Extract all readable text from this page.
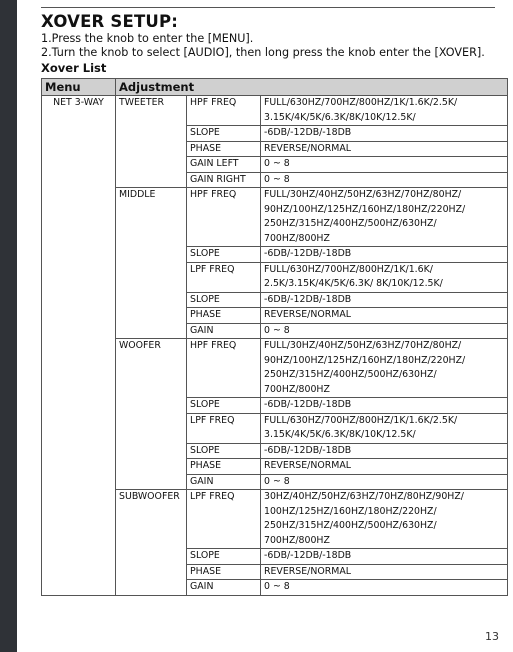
XOVER SETUP:
1.Press the knob to enter the [MENU].
2.Turn the knob to select [AUDIO], then long press the knob enter the [XOVER].
Xover List
Menu	Adjustment		
NET 3-WAY	TWEETER	HPF FREQ	FULL/630HZ/700HZ/800HZ/1K/1.6K/2.5K/ 3.15K/4K/5K/6.3K/8K/10K/12.5K/
		SLOPE	-6DB/-12DB/-18DB
		PHASE	REVERSE/NORMAL
		GAIN LEFT	0 ~ 8
		GAIN RIGHT	0 ~ 8
	MIDDLE	HPF FREQ	FULL/30HZ/40HZ/50HZ/63HZ/70HZ/80HZ/ 90HZ/100HZ/125HZ/160HZ/180HZ/220HZ/ 250HZ/315HZ/400HZ/500HZ/630HZ/ 700HZ/800HZ
		SLOPE	-6DB/-12DB/-18DB
		LPF FREQ	FULL/630HZ/700HZ/800HZ/1K/1.6K/ 2.5K/3.15K/4K/5K/6.3K/ 8K/10K/12.5K/
		SLOPE	-6DB/-12DB/-18DB
		PHASE	REVERSE/NORMAL
		GAIN	0 ~ 8
	WOOFER	HPF FREQ	FULL/30HZ/40HZ/50HZ/63HZ/70HZ/80HZ/ 90HZ/100HZ/125HZ/160HZ/180HZ/220HZ/ 250HZ/315HZ/400HZ/500HZ/630HZ/ 700HZ/800HZ
		SLOPE	-6DB/-12DB/-18DB
		LPF FREQ	FULL/630HZ/700HZ/800HZ/1K/1.6K/2.5K/ 3.15K/4K/5K/6.3K/8K/10K/12.5K/
		SLOPE	-6DB/-12DB/-18DB
		PHASE	REVERSE/NORMAL
		GAIN	0 ~ 8
	SUBWOOFER	LPF FREQ	30HZ/40HZ/50HZ/63HZ/70HZ/80HZ/90HZ/ 100HZ/125HZ/160HZ/180HZ/220HZ/ 250HZ/315HZ/400HZ/500HZ/630HZ/ 700HZ/800HZ
		SLOPE	-6DB/-12DB/-18DB
		PHASE	REVERSE/NORMAL
		GAIN	0 ~ 8
13
